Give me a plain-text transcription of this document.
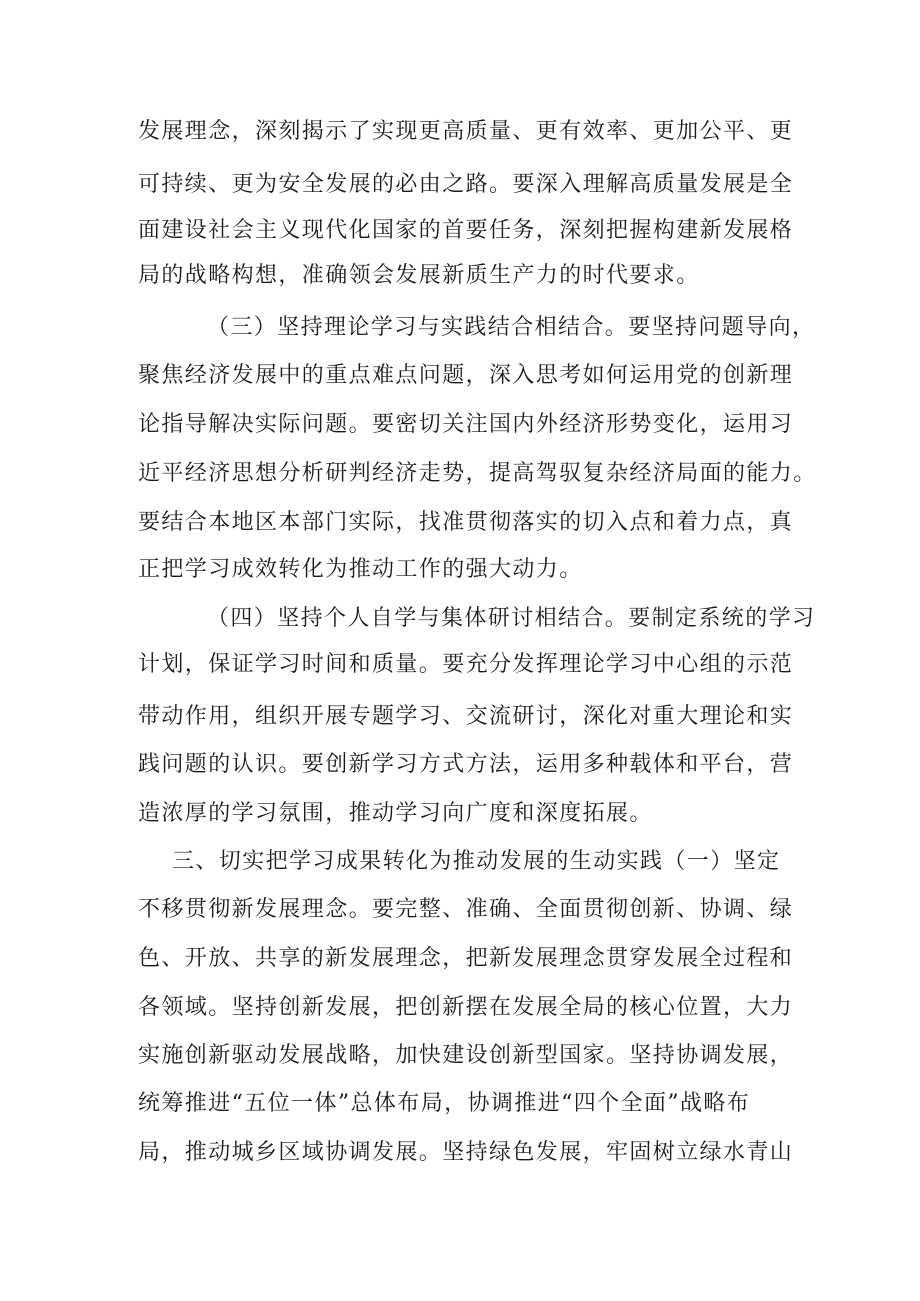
发展理念，深刻揭示了实现更高质量、更有效率、更加公平、更

可持续、更为安全发展的必由之路。要深入理解高质量发展是全

面建设社会主义现代化国家的首要任务，深刻把握构建新发展格

局的战略构想，准确领会发展新质生产力的时代要求。

（三）坚持理论学习与实践结合相结合。要坚持问题导向，

聚焦经济发展中的重点难点问题，深入思考如何运用党的创新理

论指导解决实际问题。要密切关注国内外经济形势变化，运用习

近平经济思想分析研判经济走势，提高驾驭复杂经济局面的能力。

要结合本地区本部门实际，找准贯彻落实的切入点和着力点，真

正把学习成效转化为推动工作的强大动力。

（四）坚持个人自学与集体研讨相结合。要制定系统的学习

计划，保证学习时间和质量。要充分发挥理论学习中心组的示范

带动作用，组织开展专题学习、交流研讨，深化对重大理论和实

践问题的认识。要创新学习方式方法，运用多种载体和平台，营

造浓厚的学习氛围，推动学习向广度和深度拓展。

三、切实把学习成果转化为推动发展的生动实践（一）坚定

不移贯彻新发展理念。要完整、准确、全面贯彻创新、协调、绿

色、开放、共享的新发展理念，把新发展理念贯穿发展全过程和

各领域。坚持创新发展，把创新摆在发展全局的核心位置，大力

实施创新驱动发展战略，加快建设创新型国家。坚持协调发展，

统筹推进“五位一体”总体布局，协调推进“四个全面”战略布

局，推动城乡区域协调发展。坚持绿色发展，牢固树立绿水青山
